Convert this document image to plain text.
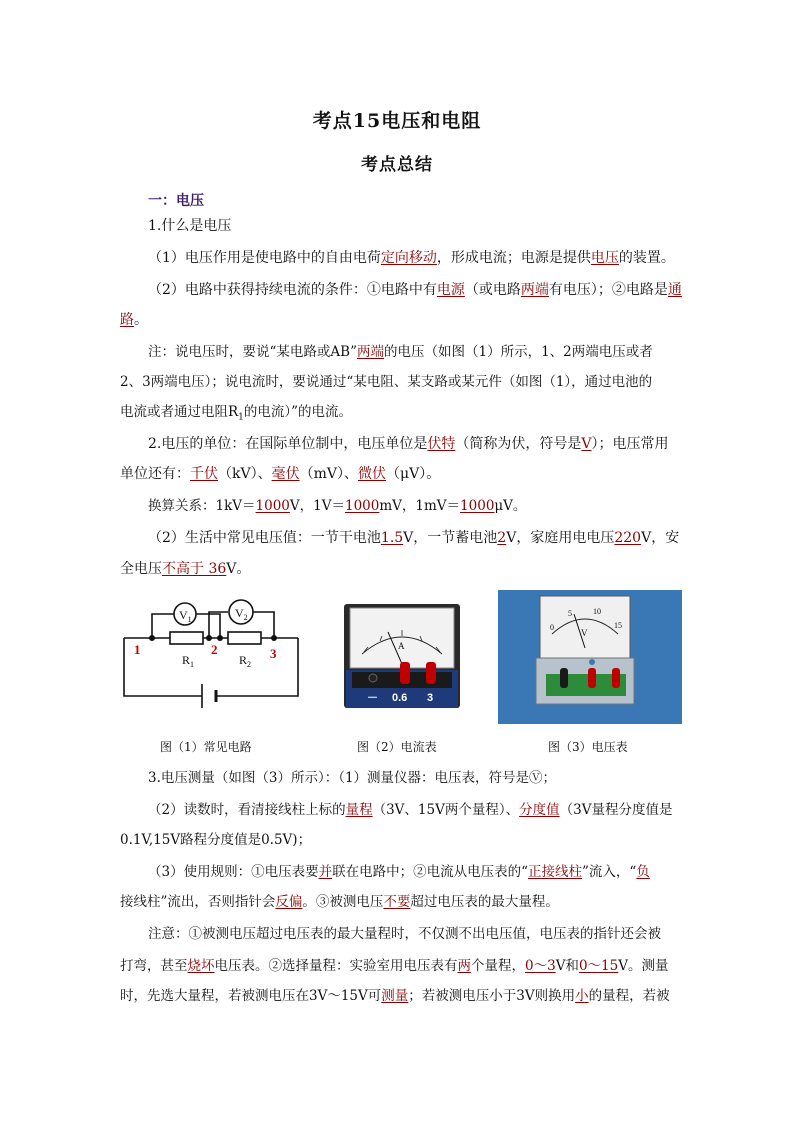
考点15电压和电阻
考点总结
一：电压
1.什么是电压
（1）电压作用是使电路中的自由电荷定向移动，形成电流；电源是提供电压的装置。
（2）电路中获得持续电流的条件：①电路中有电源（或电路两端有电压）；②电路是通
路。
注：说电压时，要说“某电路或AB”两端的电压（如图（1）所示，1、2两端电压或者
2、3两端电压）；说电流时，要说通过“某电阻、某支路或某元件（如图（1），通过电池的
电流或者通过电阻$R_1$的电流）”的电流。
2.电压的单位：在国际单位制中，电压单位是伏特（简称为伏，符号是V）；电压常用
单位还有：千伏（kV）、毫伏（mV）、微伏（μV）。
换算关系：1kV＝1000V，1V＝1000mV，1mV＝1000μV。
（2）生活中常见电压值：一节干电池1.5V，一节蓄电池2V，家庭用电电压220V，安
全电压不高于 36V。
$V_1$	$V_2$
$R_1$	$R_2$
1	2	3	A
－ 0.6 3
0
5	10
15
V
图（1）常见电路	图（2）电流表	图（3）电压表
3.电压测量（如图（3）所示）：（1）测量仪器：电压表，符号是Ⓥ；
（2）读数时，看清接线柱上标的量程（3V、15V两个量程）、分度值（3V量程分度值是
0.1V,15V路程分度值是0.5V)；
（3）使用规则：①电压表要并联在电路中；②电流从电压表的“正接线柱”流入，“负
接线柱”流出，否则指针会反偏。③被测电压不要超过电压表的最大量程。
注意：①被测电压超过电压表的最大量程时，不仅测不出电压值，电压表的指针还会被
打弯，甚至烧坏电压表。②选择量程：实验室用电压表有两个量程，0～3V和0～15V。测量
时，先选大量程，若被测电压在3V～15V可测量；若被测电压小于3V则换用小的量程，若被
